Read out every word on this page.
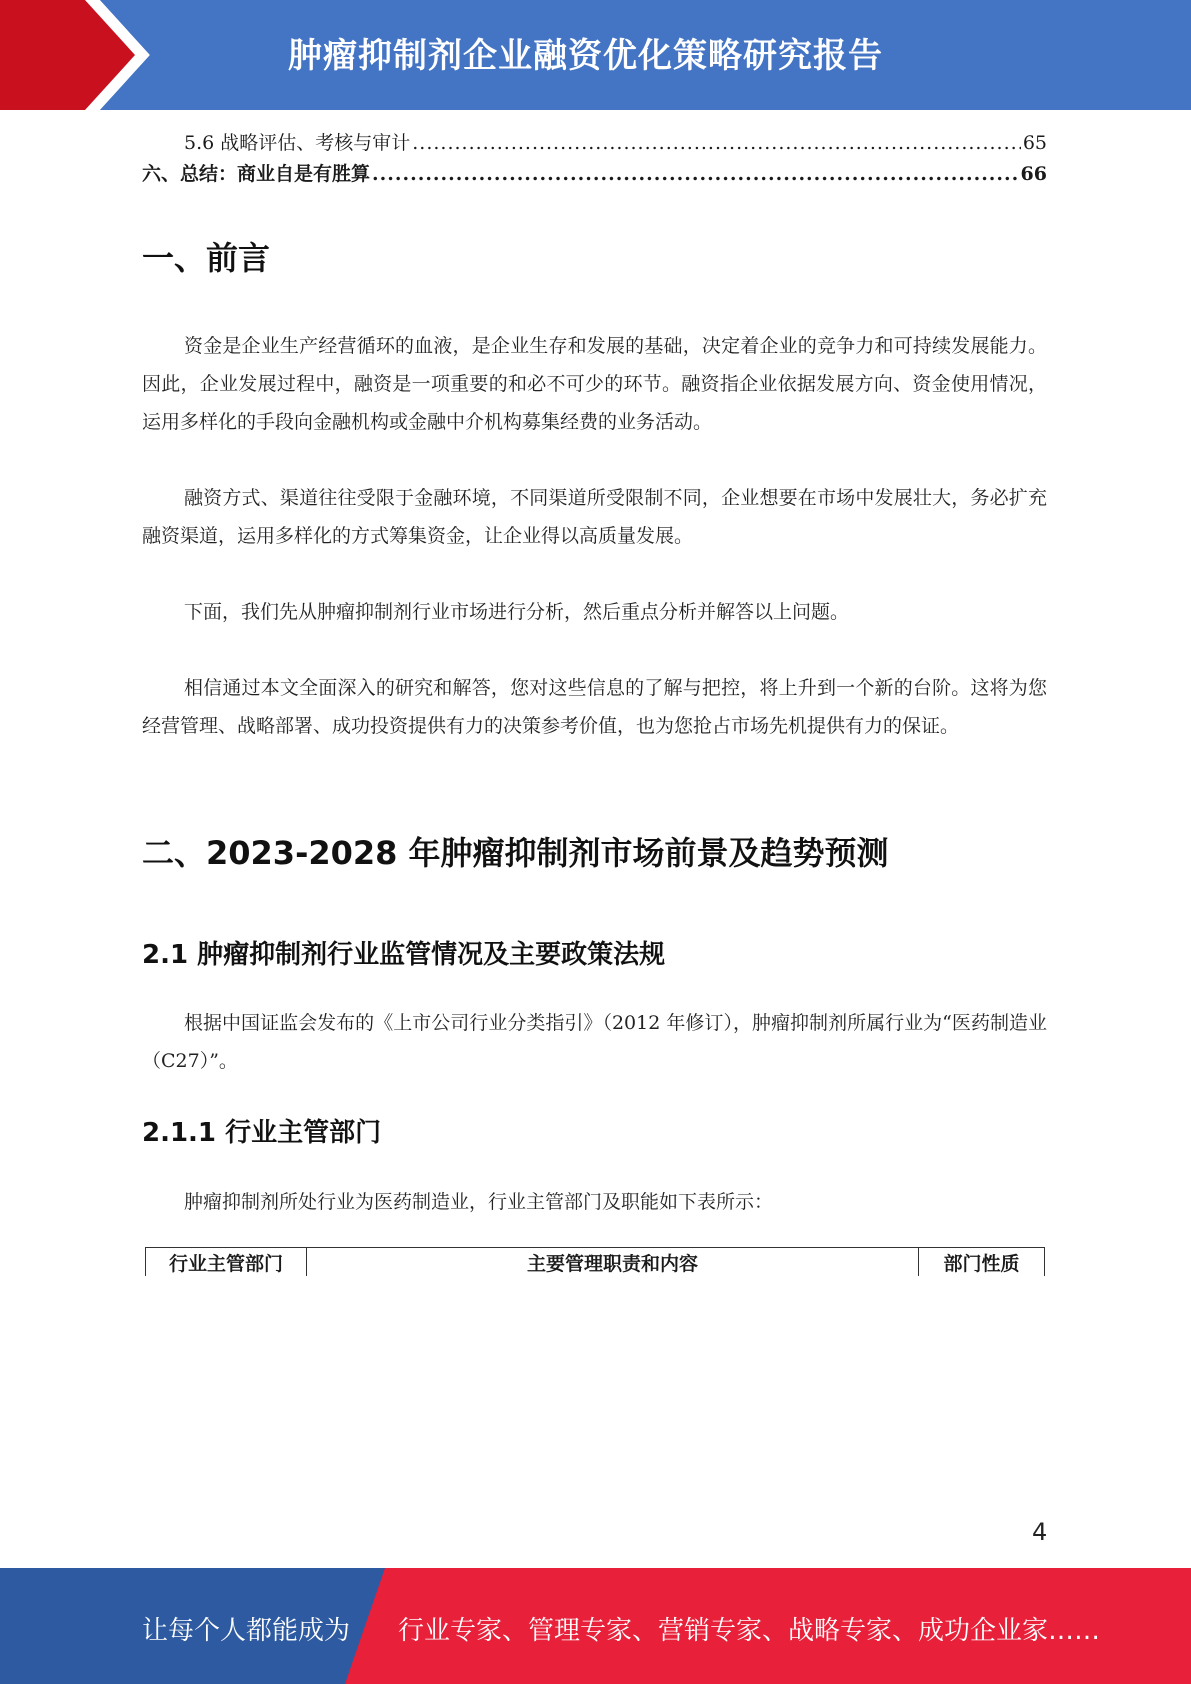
肿瘤抑制剂企业融资优化策略研究报告
5.6 战略评估、考核与审计 .....	65
六、总结：商业自是有胜算 .....	66
一、前言

资金是企业生产经营循环的血液，是企业生存和发展的基础，决定着企业的竞争力和可持续发展能力。因此，企业发展过程中，融资是一项重要的和必不可少的环节。融资指企业依据发展方向、资金使用情况，运用多样化的手段向金融机构或金融中介机构募集经费的业务活动。

融资方式、渠道往往受限于金融环境，不同渠道所受限制不同，企业想要在市场中发展壮大，务必扩充融资渠道，运用多样化的方式筹集资金，让企业得以高质量发展。

下面，我们先从肿瘤抑制剂行业市场进行分析，然后重点分析并解答以上问题。

相信通过本文全面深入的研究和解答，您对这些信息的了解与把控，将上升到一个新的台阶。这将为您经营管理、战略部署、成功投资提供有力的决策参考价值，也为您抢占市场先机提供有力的保证。

二、2023-2028 年肿瘤抑制剂市场前景及趋势预测
2.1 肿瘤抑制剂行业监管情况及主要政策法规

根据中国证监会发布的《上市公司行业分类指引》（2012 年修订），肿瘤抑制剂所属行业为“医药制造业（C27）”。

2.1.1 行业主管部门

肿瘤抑制剂所处行业为医药制造业，行业主管部门及职能如下表所示：

行业主管部门	主要管理职责和内容	部门性质
4
让每个人都能成为 行业专家、管理专家、营销专家、战略专家、成功企业家……
